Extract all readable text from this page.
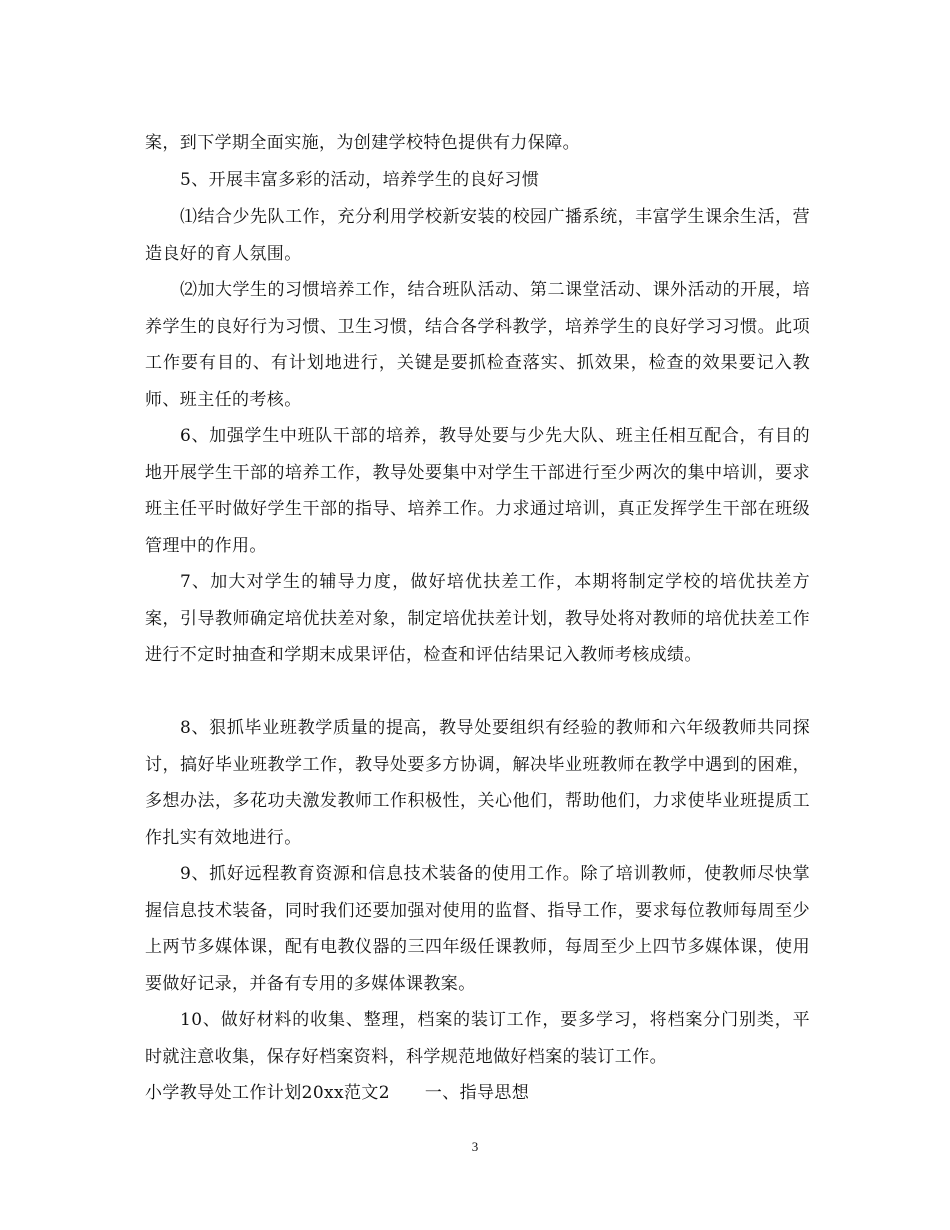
案，到下学期全面实施，为创建学校特色提供有力保障。

5、开展丰富多彩的活动，培养学生的良好习惯

⑴结合少先队工作，充分利用学校新安装的校园广播系统，丰富学生课余生活，营造良好的育人氛围。

⑵加大学生的习惯培养工作，结合班队活动、第二课堂活动、课外活动的开展，培养学生的良好行为习惯、卫生习惯，结合各学科教学，培养学生的良好学习习惯。此项工作要有目的、有计划地进行，关键是要抓检查落实、抓效果，检查的效果要记入教师、班主任的考核。

6、加强学生中班队干部的培养，教导处要与少先大队、班主任相互配合，有目的地开展学生干部的培养工作，教导处要集中对学生干部进行至少两次的集中培训，要求班主任平时做好学生干部的指导、培养工作。力求通过培训，真正发挥学生干部在班级管理中的作用。

7、加大对学生的辅导力度，做好培优扶差工作，本期将制定学校的培优扶差方案，引导教师确定培优扶差对象，制定培优扶差计划，教导处将对教师的培优扶差工作进行不定时抽查和学期末成果评估，检查和评估结果记入教师考核成绩。

8、狠抓毕业班教学质量的提高，教导处要组织有经验的教师和六年级教师共同探讨，搞好毕业班教学工作，教导处要多方协调，解决毕业班教师在教学中遇到的困难，多想办法，多花功夫激发教师工作积极性，关心他们，帮助他们，力求使毕业班提质工作扎实有效地进行。

9、抓好远程教育资源和信息技术装备的使用工作。除了培训教师，使教师尽快掌握信息技术装备，同时我们还要加强对使用的监督、指导工作，要求每位教师每周至少上两节多媒体课，配有电教仪器的三四年级任课教师，每周至少上四节多媒体课，使用要做好记录，并备有专用的多媒体课教案。

10、做好材料的收集、整理，档案的装订工作，要多学习，将档案分门别类，平时就注意收集，保存好档案资料，科学规范地做好档案的装订工作。

小学教导处工作计划20xx范文2　　一、指导思想

3
